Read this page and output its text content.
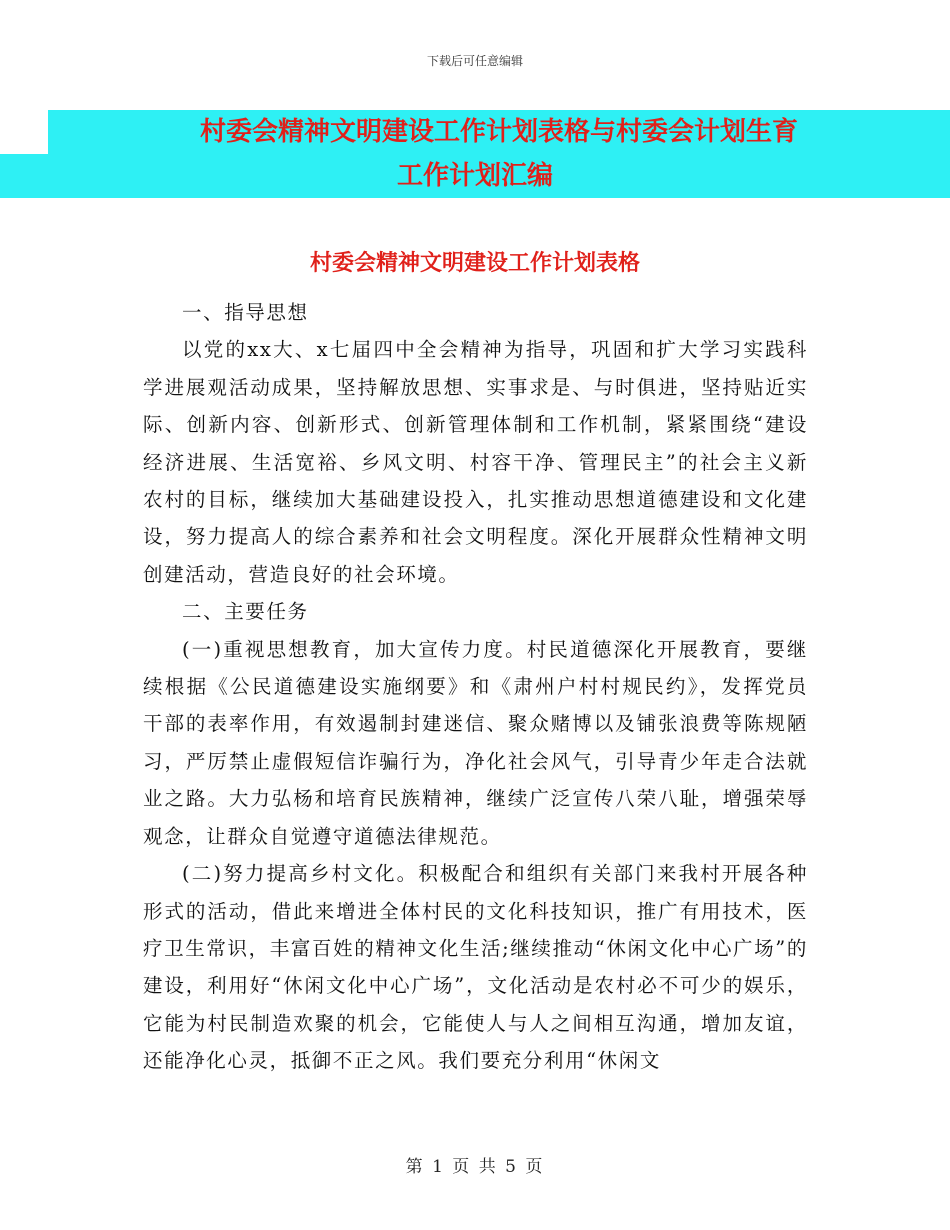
下载后可任意编辑
村委会精神文明建设工作计划表格与村委会计划生育
工作计划汇编
村委会精神文明建设工作计划表格

一、指导思想

以党的xx大、x七届四中全会精神为指导，巩固和扩大学习实践科学进展观活动成果，坚持解放思想、实事求是、与时俱进，坚持贴近实际、创新内容、创新形式、创新管理体制和工作机制，紧紧围绕“建设经济进展、生活宽裕、乡风文明、村容干净、管理民主”的社会主义新农村的目标，继续加大基础建设投入，扎实推动思想道德建设和文化建设，努力提高人的综合素养和社会文明程度。深化开展群众性精神文明创建活动，营造良好的社会环境。

二、主要任务

(一)重视思想教育，加大宣传力度。村民道德深化开展教育，要继续根据《公民道德建设实施纲要》和《肃州户村村规民约》，发挥党员干部的表率作用，有效遏制封建迷信、聚众赌博以及铺张浪费等陈规陋习，严厉禁止虚假短信诈骗行为，净化社会风气，引导青少年走合法就业之路。大力弘杨和培育民族精神，继续广泛宣传八荣八耻，增强荣辱观念，让群众自觉遵守道德法律规范。

(二)努力提高乡村文化。积极配合和组织有关部门来我村开展各种形式的活动，借此来增进全体村民的文化科技知识，推广有用技术，医疗卫生常识，丰富百姓的精神文化生活;继续推动“休闲文化中心广场”的建设，利用好“休闲文化中心广场”，文化活动是农村必不可少的娱乐，它能为村民制造欢聚的机会，它能使人与人之间相互沟通，增加友谊，还能净化心灵，抵御不正之风。我们要充分利用“休闲文

第 1 页 共 5 页
